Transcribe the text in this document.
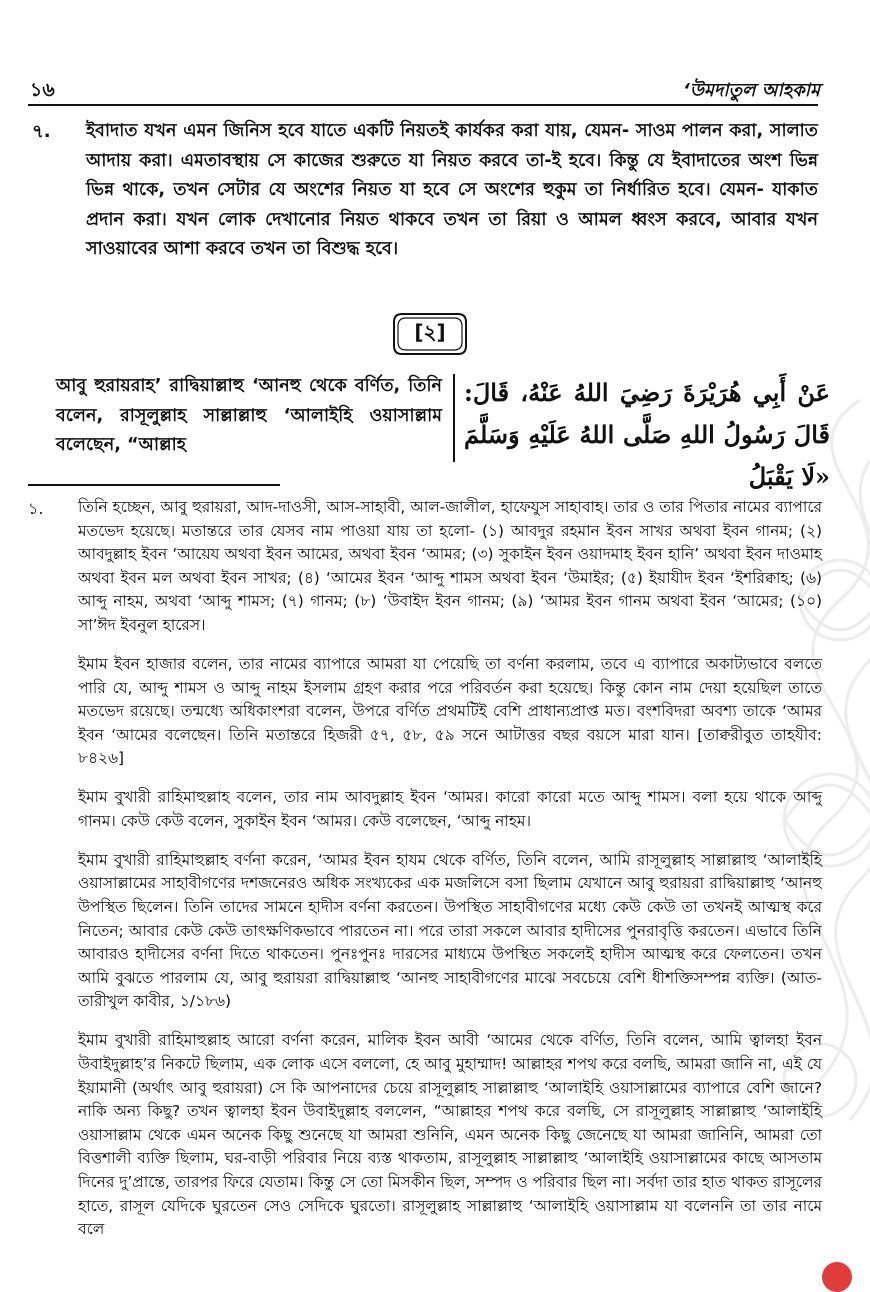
১৬	‘উমদাতুল আহকাম
৭. ইবাদাত যখন এমন জিনিস হবে যাতে একটি নিয়তই কার্যকর করা যায়, যেমন- সাওম পালন করা, সালাত আদায় করা। এমতাবস্থায় সে কাজের শুরুতে যা নিয়ত করবে তা-ই হবে। কিন্তু যে ইবাদাতের অংশ ভিন্ন ভিন্ন থাকে, তখন সেটার যে অংশের নিয়ত যা হবে সে অংশের হুকুম তা নির্ধারিত হবে। যেমন- যাকাত প্রদান করা। যখন লোক দেখানোর নিয়ত থাকবে তখন তা রিয়া ও আমল ধ্বংস করবে, আবার যখন সাওয়াবের আশা করবে তখন তা বিশুদ্ধ হবে।
[২]
আবু হুরায়রাহ’ রাদ্বিয়াল্লাহু ‘আনহু থেকে বর্ণিত, তিনি বলেন, রাসূলুল্লাহ সাল্লাল্লাহু ‘আলাইহি ওয়াসাল্লাম বলেছেন, “আল্লাহ
عَنْ أَبِي هُرَيْرَةَ رَضِيَ اللهُ عَنْهُ، قَالَ: قَالَ رَسُولُ اللهِ صَلَّى اللهُ عَلَيْهِ وَسَلَّمَ «لَا يَقْبَلُ
১. তিনি হচ্ছেন, আবু হুরায়রা, আদ-দাওসী, আস-সাহাবী, আল-জালীল, হাফেযুস সাহাবাহ। তার ও তার পিতার নামের ব্যাপারে মতভেদ হয়েছে। মতান্তরে তার যেসব নাম পাওয়া যায় তা হলো- (১) আবদুর রহমান ইবন সাখর অথবা ইবন গানম; (২) আবদুল্লাহ ইবন ‘আয়েয অথবা ইবন আমের, অথবা ইবন ‘আমর; (৩) সুকাইন ইবন ওয়াদমাহ ইবন হানি’ অথবা ইবন দাওমাহ অথবা ইবন মল অথবা ইবন সাখর; (৪) ‘আমের ইবন ‘আব্দু শামস অথবা ইবন ‘উমাইর; (৫) ইয়াযীদ ইবন ‘ইশরিক্বাহ; (৬) আব্দু নাহম, অথবা ‘আব্দু শামস; (৭) গানম; (৮) ‘উবাইদ ইবন গানম; (৯) ‘আমর ইবন গানম অথবা ইবন ‘আমের; (১০) সা’ঈদ ইবনুল হারেস।

ইমাম ইবন হাজার বলেন, তার নামের ব্যাপারে আমরা যা পেয়েছি তা বর্ণনা করলাম, তবে এ ব্যাপারে অকাট্যভাবে বলতে পারি যে, আব্দু শামস ও আব্দু নাহম ইসলাম গ্রহণ করার পরে পরিবর্তন করা হয়েছে। কিন্তু কোন নাম দেয়া হয়েছিল তাতে মতভেদ রয়েছে। তন্মধ্যে অধিকাংশরা বলেন, উপরে বর্ণিত প্রথমটিই বেশি প্রাধান্যপ্রাপ্ত মত। বংশবিদরা অবশ্য তাকে ‘আমর ইবন ‘আমের বলেছেন। তিনি মতান্তরে হিজরী ৫৭, ৫৮, ৫৯ সনে আটাত্তর বছর বয়সে মারা যান। [তাক্বরীবুত তাহযীব: ৮৪২৬]

ইমাম বুখারী রাহিমাহুল্লাহ বলেন, তার নাম আবদুল্লাহ ইবন ‘আমর। কারো কারো মতে আব্দু শামস। বলা হয়ে থাকে আব্দু গানম। কেউ কেউ বলেন, সুকাইন ইবন ‘আমর। কেউ বলেছেন, ‘আব্দু নাহম।

ইমাম বুখারী রাহিমাহুল্লাহ বর্ণনা করেন, ‘আমর ইবন হাযম থেকে বর্ণিত, তিনি বলেন, আমি রাসূলুল্লাহ সাল্লাল্লাহু ‘আলাইহি ওয়াসাল্লামের সাহাবীগণের দশজনেরও অধিক সংখ্যকের এক মজলিসে বসা ছিলাম যেখানে আবু হুরায়রা রাদ্বিয়াল্লাহু ‘আনহু উপস্থিত ছিলেন। তিনি তাদের সামনে হাদীস বর্ণনা করতেন। উপস্থিত সাহাবীগণের মধ্যে কেউ কেউ তা তখনই আত্মস্থ করে নিতেন; আবার কেউ কেউ তাৎক্ষণিকভাবে পারতেন না। পরে তারা সকলে আবার হাদীসের পুনরাবৃত্তি করতেন। এভাবে তিনি আবারও হাদীসের বর্ণনা দিতে থাকতেন। পুনঃপুনঃ দারসের মাধ্যমে উপস্থিত সকলেই হাদীস আত্মস্থ করে ফেলতেন। তখন আমি বুঝতে পারলাম যে, আবু হুরায়রা রাদ্বিয়াল্লাহু ‘আনহু সাহাবীগণের মাঝে সবচেয়ে বেশি ধীশক্তিসম্পন্ন ব্যক্তি। (আত-তারীখুল কাবীর, ১/১৮৬)

ইমাম বুখারী রাহিমাহুল্লাহ আরো বর্ণনা করেন, মালিক ইবন আবী ‘আমের থেকে বর্ণিত, তিনি বলেন, আমি ত্বালহা ইবন উবাইদুল্লাহ’র নিকটে ছিলাম, এক লোক এসে বললো, হে আবু মুহাম্মাদ! আল্লাহর শপথ করে বলছি, আমরা জানি না, এই যে ইয়ামানী (অর্থাৎ আবু হুরায়রা) সে কি আপনাদের চেয়ে রাসূলুল্লাহ সাল্লাল্লাহু ‘আলাইহি ওয়াসাল্লামের ব্যাপারে বেশি জানে? নাকি অন্য কিছু? তখন ত্বালহা ইবন উবাইদুল্লাহ বললেন, “আল্লাহর শপথ করে বলছি, সে রাসূলুল্লাহ সাল্লাল্লাহু ‘আলাইহি ওয়াসাল্লাম থেকে এমন অনেক কিছু শুনেছে যা আমরা শুনিনি, এমন অনেক কিছু জেনেছে যা আমরা জানিনি, আমরা তো বিত্তশালী ব্যক্তি ছিলাম, ঘর-বাড়ী পরিবার নিয়ে ব্যস্ত থাকতাম, রাসূলুল্লাহ সাল্লাল্লাহু ‘আলাইহি ওয়াসাল্লামের কাছে আসতাম দিনের দু’প্রান্তে, তারপর ফিরে যেতাম। কিন্তু সে তো মিসকীন ছিল, সম্পদ ও পরিবার ছিল না। সর্বদা তার হাত থাকত রাসূলের হাতে, রাসূল যেদিকে ঘুরতেন সেও সেদিকে ঘুরতো। রাসূলুল্লাহ সাল্লাল্লাহু ‘আলাইহি ওয়াসাল্লাম যা বলেননি তা তার নামে বলে
